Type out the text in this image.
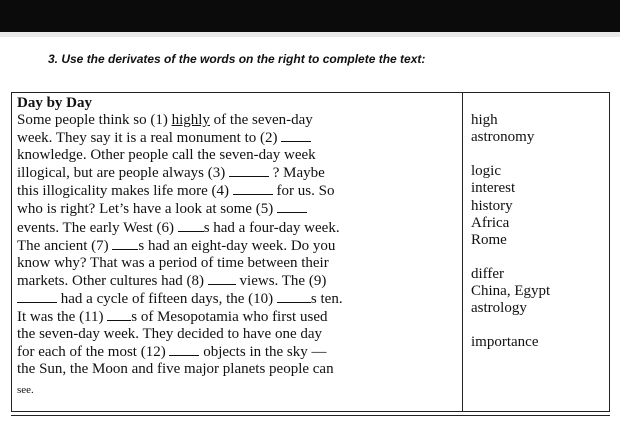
3. Use the derivates of the words on the right to complete the text:
Day by Day
Some people think so (1) highly of the seven-day
week. They say it is a real monument to (2)
knowledge. Other people call the seven-day week
illogical, but are people always (3)	? Maybe
this illogicality makes life more (4)	for us. So
who is right? Let’s have a look at some (5)
events. The early West (6) s had a four-day week.
The ancient (7) s had an eight-day week. Do you
know why? That was a period of time between their
markets. Other cultures had (8)  views. The (9)
had a cycle of fifteen days, the (10) s ten.
It was the (11) s of Mesopotamia who first used
the seven-day week. They decided to have one day
for each of the most (12)  objects in the sky —
the Sun, the Moon and five major planets people can
see.
high
astronomy
logic
interest
history
Africa
Rome
differ
China, Egypt
astrology
importance
